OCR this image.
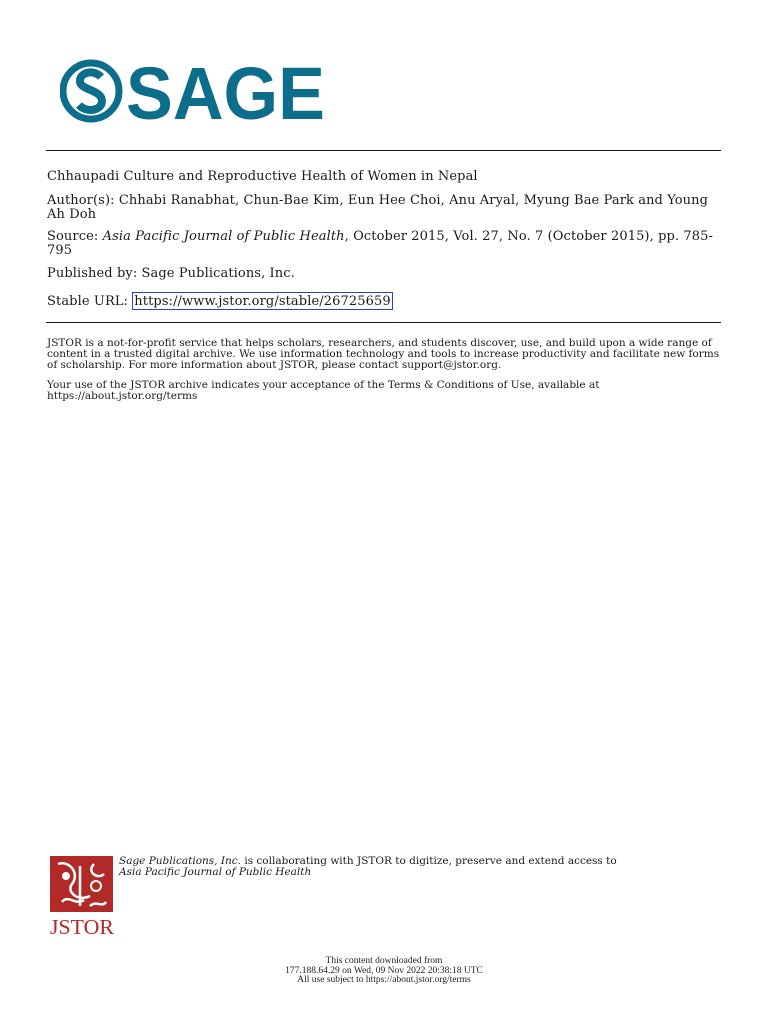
SAGE
Chhaupadi Culture and Reproductive Health of Women in Nepal
Author(s): Chhabi Ranabhat, Chun-Bae Kim, Eun Hee Choi, Anu Aryal, Myung Bae Park and Young Ah Doh
Source: Asia Pacific Journal of Public Health, October 2015, Vol. 27, No. 7 (October 2015), pp. 785-795
Published by: Sage Publications, Inc.
Stable URL: https://www.jstor.org/stable/26725659
JSTOR is a not-for-profit service that helps scholars, researchers, and students discover, use, and build upon a wide range of content in a trusted digital archive. We use information technology and tools to increase productivity and facilitate new forms of scholarship. For more information about JSTOR, please contact support@jstor.org.
Your use of the JSTOR archive indicates your acceptance of the Terms & Conditions of Use, available at https://about.jstor.org/terms
JSTOR
Sage Publications, Inc. is collaborating with JSTOR to digitize, preserve and extend access to
Asia Pacific Journal of Public Health
This content downloaded from
177.188.64.29 on Wed, 09 Nov 2022 20:38:18 UTC
All use subject to https://about.jstor.org/terms
